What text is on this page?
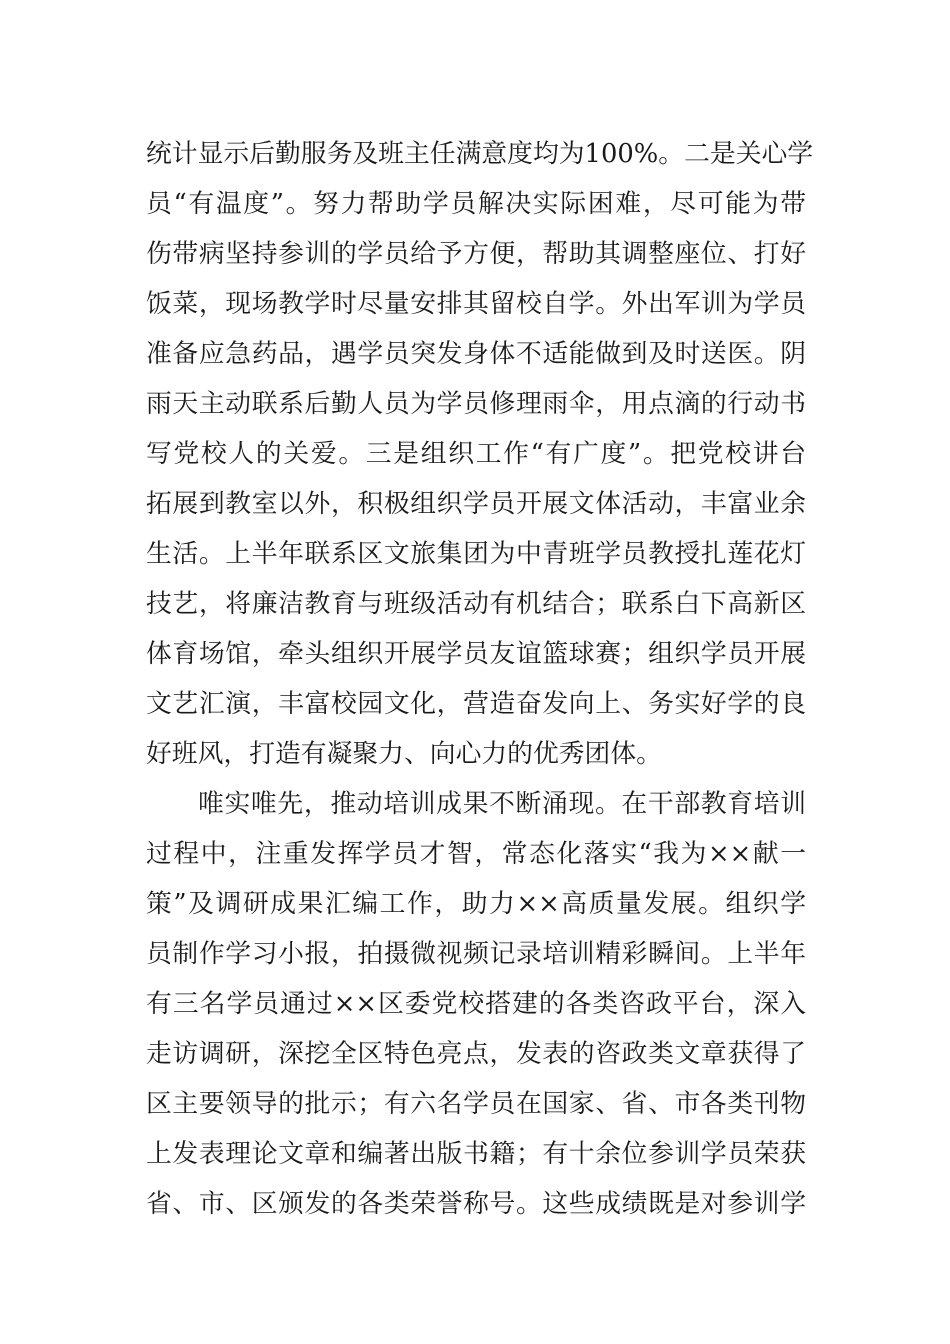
统计显示后勤服务及班主任满意度均为100%。二是关心学
员“有温度”。努力帮助学员解决实际困难，尽可能为带
伤带病坚持参训的学员给予方便，帮助其调整座位、打好
饭菜，现场教学时尽量安排其留校自学。外出军训为学员
准备应急药品，遇学员突发身体不适能做到及时送医。阴
雨天主动联系后勤人员为学员修理雨伞，用点滴的行动书
写党校人的关爱。三是组织工作“有广度”。把党校讲台
拓展到教室以外，积极组织学员开展文体活动，丰富业余
生活。上半年联系区文旅集团为中青班学员教授扎莲花灯
技艺，将廉洁教育与班级活动有机结合；联系白下高新区
体育场馆，牵头组织开展学员友谊篮球赛；组织学员开展
文艺汇演，丰富校园文化，营造奋发向上、务实好学的良
好班风，打造有凝聚力、向心力的优秀团体。
唯实唯先，推动培训成果不断涌现。在干部教育培训
过程中，注重发挥学员才智，常态化落实“我为××献一
策”及调研成果汇编工作，助力××高质量发展。组织学
员制作学习小报，拍摄微视频记录培训精彩瞬间。上半年
有三名学员通过××区委党校搭建的各类咨政平台，深入
走访调研，深挖全区特色亮点，发表的咨政类文章获得了
区主要领导的批示；有六名学员在国家、省、市各类刊物
上发表理论文章和编著出版书籍；有十余位参训学员荣获
省、市、区颁发的各类荣誉称号。这些成绩既是对参训学
